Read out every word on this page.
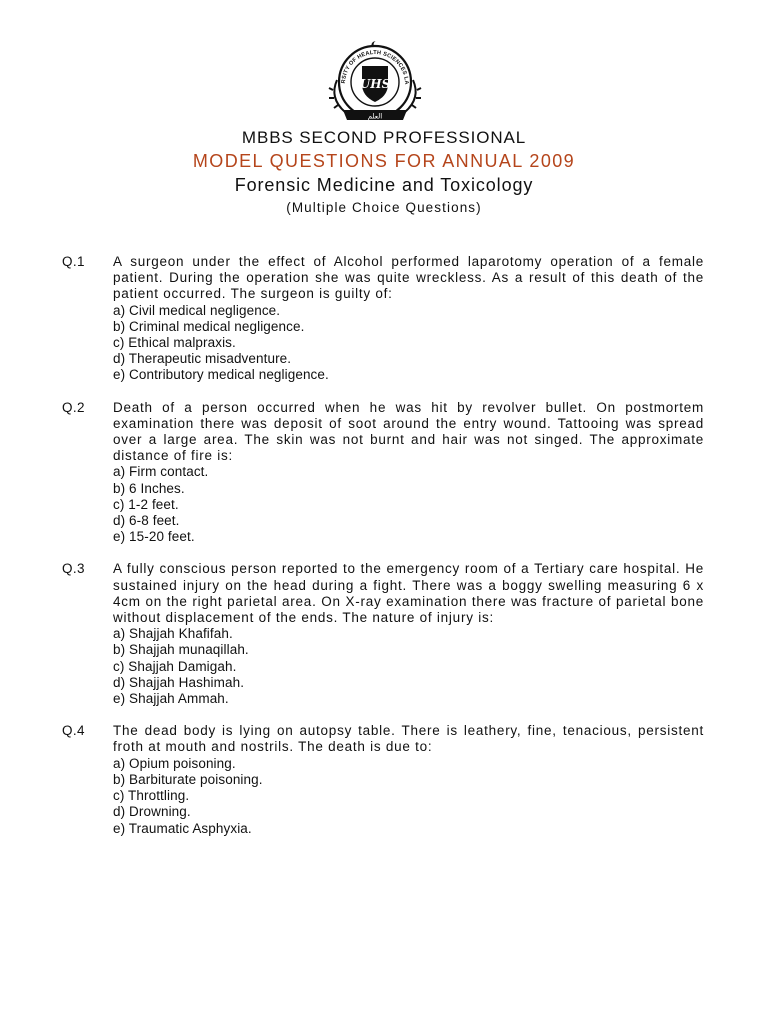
RSITY OF HEALTH SCIENCES LA
UHS
ﺍﻟﻌﻠﻢ
MBBS SECOND PROFESSIONAL
MODEL QUESTIONS FOR ANNUAL 2009
Forensic Medicine and Toxicology
(Multiple Choice Questions)
Q.1 A surgeon under the effect of Alcohol performed laparotomy operation of a female patient. During the operation she was quite wreckless. As a result of this death of the patient occurred. The surgeon is guilty of:

a) Civil medical negligence.
b) Criminal medical negligence.
c) Ethical malpraxis.
d) Therapeutic misadventure.
e) Contributory medical negligence.
Q.2 Death of a person occurred when he was hit by revolver bullet. On postmortem examination there was deposit of soot around the entry wound. Tattooing was spread over a large area. The skin was not burnt and hair was not singed. The approximate distance of fire is:

a) Firm contact.
b) 6 Inches.
c) 1-2 feet.
d) 6-8 feet.
e) 15-20 feet.
Q.3 A fully conscious person reported to the emergency room of a Tertiary care hospital. He sustained injury on the head during a fight. There was a boggy swelling measuring 6 x 4cm on the right parietal area. On X-ray examination there was fracture of parietal bone without displacement of the ends. The nature of injury is:

a) Shajjah Khafifah.
b) Shajjah munaqillah.
c) Shajjah Damigah.
d) Shajjah Hashimah.
e) Shajjah Ammah.
Q.4 The dead body is lying on autopsy table. There is leathery, fine, tenacious, persistent froth at mouth and nostrils. The death is due to:

a) Opium poisoning.
b) Barbiturate poisoning.
c) Throttling.
d) Drowning.
e) Traumatic Asphyxia.
